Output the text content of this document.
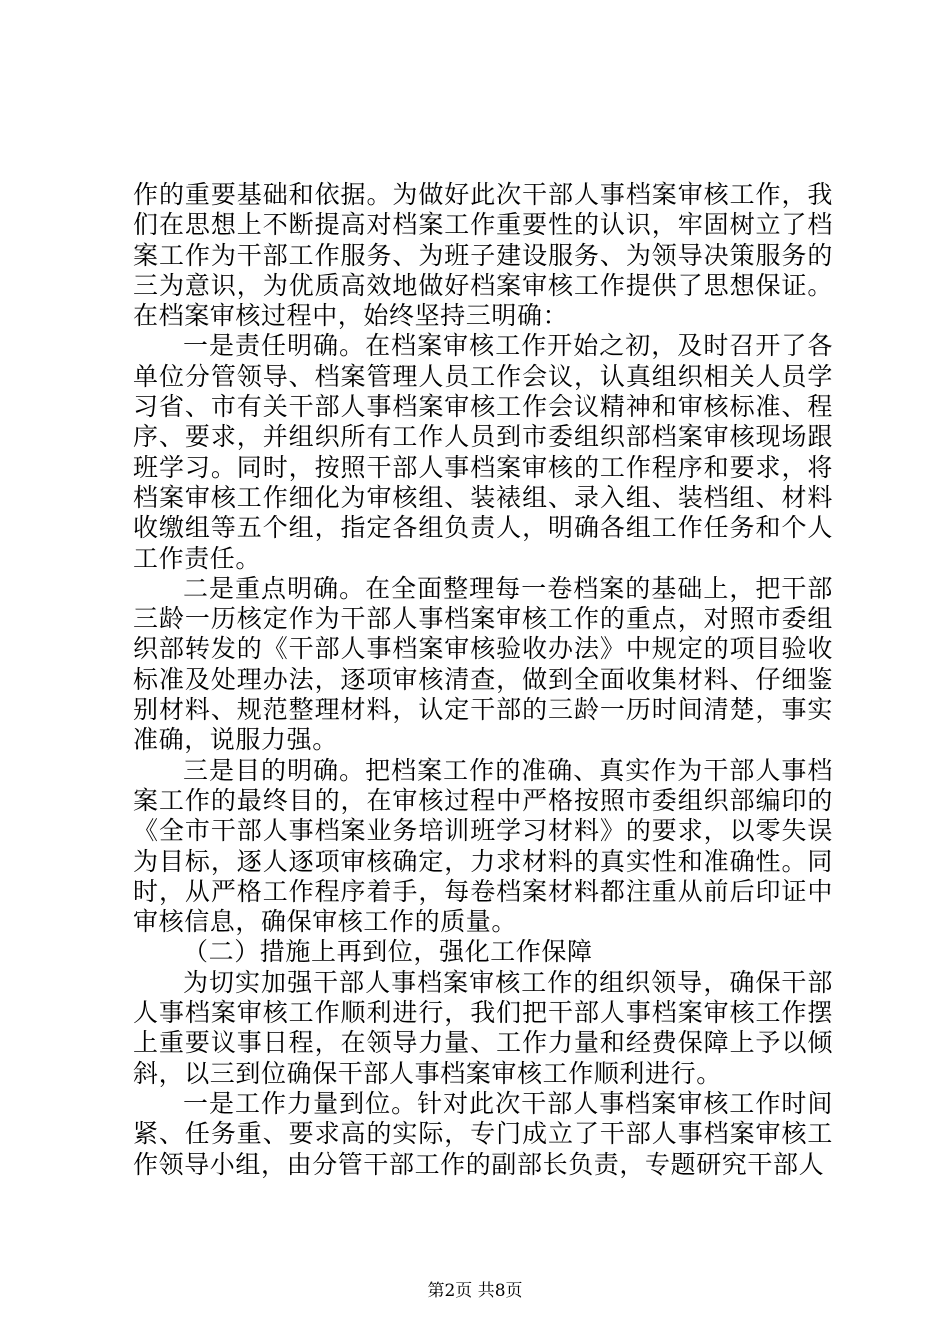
作的重要基础和依据。为做好此次干部人事档案审核工作，我们在思想上不断提高对档案工作重要性的认识，牢固树立了档案工作为干部工作服务、为班子建设服务、为领导决策服务的三为意识，为优质高效地做好档案审核工作提供了思想保证。在档案审核过程中，始终坚持三明确：

一是责任明确。在档案审核工作开始之初，及时召开了各单位分管领导、档案管理人员工作会议，认真组织相关人员学习省、市有关干部人事档案审核工作会议精神和审核标准、程序、要求，并组织所有工作人员到市委组织部档案审核现场跟班学习。同时，按照干部人事档案审核的工作程序和要求，将档案审核工作细化为审核组、装裱组、录入组、装档组、材料收缴组等五个组，指定各组负责人，明确各组工作任务和个人工作责任。

二是重点明确。在全面整理每一卷档案的基础上，把干部三龄一历核定作为干部人事档案审核工作的重点，对照市委组织部转发的《干部人事档案审核验收办法》中规定的项目验收标准及处理办法，逐项审核清查，做到全面收集材料、仔细鉴别材料、规范整理材料，认定干部的三龄一历时间清楚，事实准确，说服力强。

三是目的明确。把档案工作的准确、真实作为干部人事档案工作的最终目的，在审核过程中严格按照市委组织部编印的《全市干部人事档案业务培训班学习材料》的要求，以零失误为目标，逐人逐项审核确定，力求材料的真实性和准确性。同时，从严格工作程序着手，每卷档案材料都注重从前后印证中审核信息，确保审核工作的质量。

（二）措施上再到位，强化工作保障

为切实加强干部人事档案审核工作的组织领导，确保干部人事档案审核工作顺利进行，我们把干部人事档案审核工作摆上重要议事日程，在领导力量、工作力量和经费保障上予以倾斜，以三到位确保干部人事档案审核工作顺利进行。

一是工作力量到位。针对此次干部人事档案审核工作时间紧、任务重、要求高的实际，专门成立了干部人事档案审核工作领导小组，由分管干部工作的副部长负责，专题研究干部人

第2页 共8页
